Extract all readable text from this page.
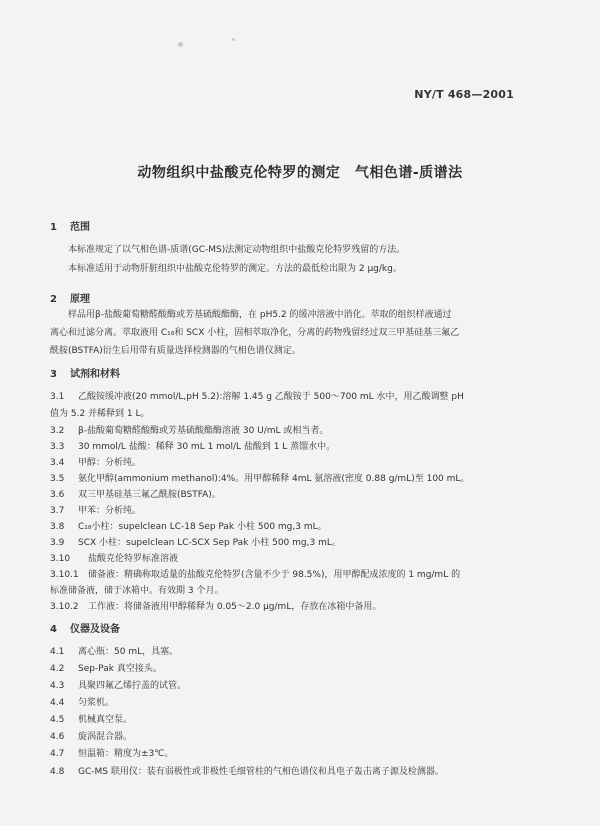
NY/T 468—2001
动物组织中盐酸克伦特罗的测定　气相色谱-质谱法
1 范围
本标准规定了以气相色谱-质谱(GC-MS)法测定动物组织中盐酸克伦特罗残留的方法。
本标准适用于动物肝脏组织中盐酸克伦特罗的测定。方法的最低检出限为 2 μg/kg。
2 原理
样品用β-盐酸葡萄糖醛酸酶或芳基硫酸酯酶，在 pH5.2 的缓冲溶液中消化。萃取的组织样液通过
离心和过滤分离。萃取液用 C₁₈和 SCX 小柱，固相萃取净化，分离的药物残留经过双三甲基硅基三氟乙
酰胺(BSTFA)衍生后用带有质量选择检测器的气相色谱仪测定。
3 试剂和材料
3.1 乙酸铵缓冲液(20 mmol/L,pH 5.2):溶解 1.45 g 乙酸铵于 500～700 mL 水中，用乙酸调整 pH
值为 5.2 并稀释到 1 L。
3.2 β-盐酸葡萄糖醛酸酶或芳基硫酸酯酶溶液 30 U/mL 或相当者。
3.3 30 mmol/L 盐酸：稀释 30 mL 1 mol/L 盐酸到 1 L 蒸馏水中。
3.4 甲醇：分析纯。
3.5 氨化甲醇(ammonium methanol):4%。用甲醇稀释 4mL 氨溶液(密度 0.88 g/mL)至 100 mL。
3.6 双三甲基硅基三氟乙酰胺(BSTFA)。
3.7 甲苯：分析纯。
3.8 C₁₈小柱：supelclean LC-18 Sep Pak 小柱 500 mg,3 mL。
3.9 SCX 小柱：supelclean LC-SCX Sep Pak 小柱 500 mg,3 mL。
3.10 盐酸克伦特罗标准溶液
3.10.1 储备液：精确称取适量的盐酸克伦特罗(含量不少于 98.5%)，用甲醇配成浓度的 1 mg/mL 的
标准储备液，储于冰箱中。有效期 3 个月。
3.10.2 工作液：将储备液用甲醇稀释为 0.05～2.0 μg/mL，存放在冰箱中备用。
4 仪器及设备
4.1 离心瓶：50 mL，具塞。
4.2 Sep-Pak 真空接头。
4.3 具聚四氟乙烯拧盖的试管。
4.4 匀浆机。
4.5 机械真空泵。
4.6 旋涡混合器。
4.7 恒温箱：精度为±3℃。
4.8 GC-MS 联用仪：装有弱极性或非极性毛细管柱的气相色谱仪和具电子轰击离子源及检测器。
